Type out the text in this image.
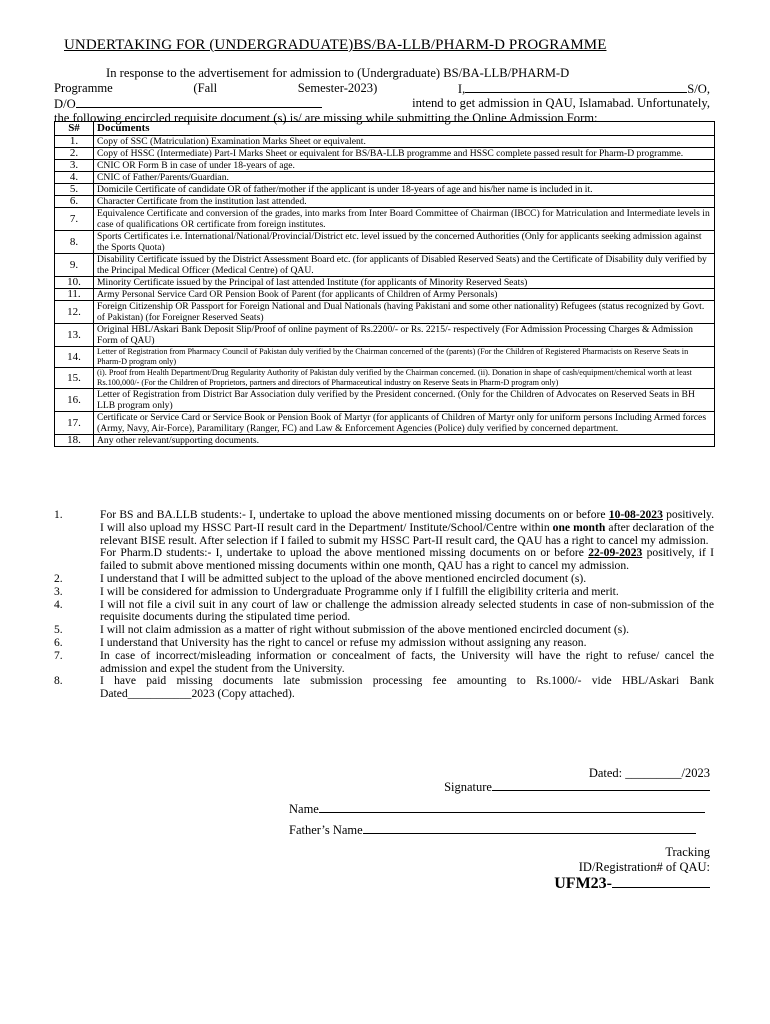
UNDERTAKING FOR (UNDERGRADUATE)BS/BA-LLB/PHARM-D PROGRAMME
In response to the advertisement for admission to (Undergraduate) BS/BA-LLB/PHARM-D
Programme	(Fall	Semester-2023)	I,	S/O,
D/O	intend to get admission in QAU, Islamabad. Unfortunately,
the following encircled requisite document (s) is/ are missing while submitting the Online Admission Form:
S#	Documents
1.	Copy of SSC (Matriculation) Examination Marks Sheet or equivalent.
2.	Copy of HSSC (Intermediate) Part-I Marks Sheet or equivalent for BS/BA-LLB programme and HSSC complete passed result for Pharm-D programme.
3.	CNIC OR Form B in case of under 18-years of age.
4.	CNIC of Father/Parents/Guardian.
5.	Domicile Certificate of candidate OR of father/mother if the applicant is under 18-years of age and his/her name is included in it.
6.	Character Certificate from the institution last attended.
7.	Equivalence Certificate and conversion of the grades, into marks from Inter Board Committee of Chairman (IBCC) for Matriculation and Intermediate levels in case of qualifications OR certificate from foreign institutes.
8.	Sports Certificates i.e. International/National/Provincial/District etc. level issued by the concerned Authorities (Only for applicants seeking admission against the Sports Quota)
9.	Disability Certificate issued by the District Assessment Board etc. (for applicants of Disabled Reserved Seats) and the Certificate of Disability duly verified by the Principal Medical Officer (Medical Centre) of QAU.
10.	Minority Certificate issued by the Principal of last attended Institute (for applicants of Minority Reserved Seats)
11.	Army Personal Service Card OR Pension Book of Parent (for applicants of Children of Army Personals)
12.	Foreign Citizenship OR Passport for Foreign National and Dual Nationals (having Pakistani and some other nationality) Refugees (status recognized by Govt. of Pakistan) (for Foreigner Reserved Seats)
13.	Original HBL/Askari Bank Deposit Slip/Proof of online payment of Rs.2200/- or Rs. 2215/- respectively (For Admission Processing Charges & Admission Form of QAU)
14.	Letter of Registration from Pharmacy Council of Pakistan duly verified by the Chairman concerned of the (parents) (For the Children of Registered Pharmacists on Reserve Seats in Pharm-D program only)
15.	(i). Proof from Health Department/Drug Regularity Authority of Pakistan duly verified by the Chairman concerned. (ii). Donation in shape of cash/equipment/chemical worth at least Rs.100,000/- (For the Children of Proprietors, partners and directors of Pharmaceutical industry on Reserve Seats in Pharm-D program only)
16.	Letter of Registration from District Bar Association duly verified by the President concerned. (Only for the Children of Advocates on Reserved Seats in BH LLB program only)
17.	Certificate or Service Card or Service Book or Pension Book of Martyr (for applicants of Children of Martyr only for uniform persons Including Armed forces (Army, Navy, Air-Force), Paramilitary (Ranger, FC) and Law & Enforcement Agencies (Police) duly verified by concerned department.
18.	Any other relevant/supporting documents.
1.	For BS and BA.LLB students:- I, undertake to upload the above mentioned missing documents on or before 10-08-2023 positively. I will also upload my HSSC Part-II result card in the Department/ Institute/School/Centre within one month after declaration of the relevant BISE result. After selection if I failed to submit my HSSC Part-II result card, the QAU has a right to cancel my admission.
For Pharm.D students:- I, undertake to upload the above mentioned missing documents on or before 22-09-2023 positively, if I failed to submit above mentioned missing documents within one month, QAU has a right to cancel my admission.
2.	I understand that I will be admitted subject to the upload of the above mentioned encircled document (s).
3.	I will be considered for admission to Undergraduate Programme only if I fulfill the eligibility criteria and merit.
4.	I will not file a civil suit in any court of law or challenge the admission already selected students in case of non-submission of the requisite documents during the stipulated time period.
5.	I will not claim admission as a matter of right without submission of the above mentioned encircled document (s).
6.	I understand that University has the right to cancel or refuse my admission without assigning any reason.
7.	In case of incorrect/misleading information or concealment of facts, the University will have the right to refuse/ cancel the admission and expel the student from the University.
8.	I have paid missing documents late submission processing fee amounting to Rs.1000/- vide HBL/Askari Bank Dated___________2023 (Copy attached).
Dated: _________/2023
Signature
Name
Father’s Name
Tracking
ID/Registration# of QAU:
UFM23-
